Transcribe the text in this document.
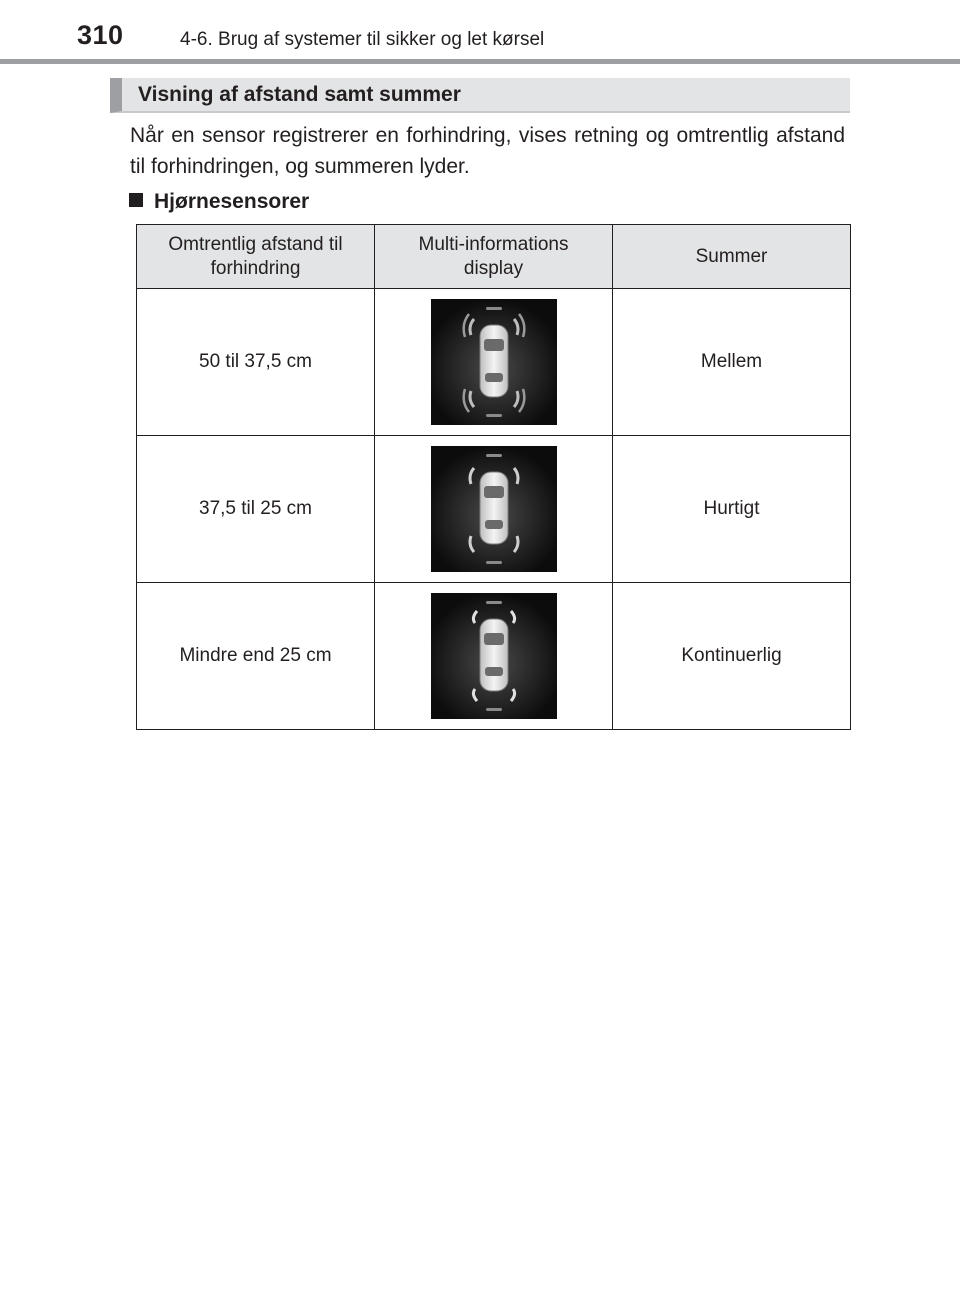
310	4-6. Brug af systemer til sikker og let kørsel
Visning af afstand samt summer
Når en sensor registrerer en forhindring, vises retning og omtrentlig afstand til forhindringen, og summeren lyder.
Hjørnesensorer
Omtrentlig afstand til forhindring	Multi-informations display	Summer
50 til 37,5 cm		Mellem
37,5 til 25 cm		Hurtigt
Mindre end 25 cm		Kontinuerlig
